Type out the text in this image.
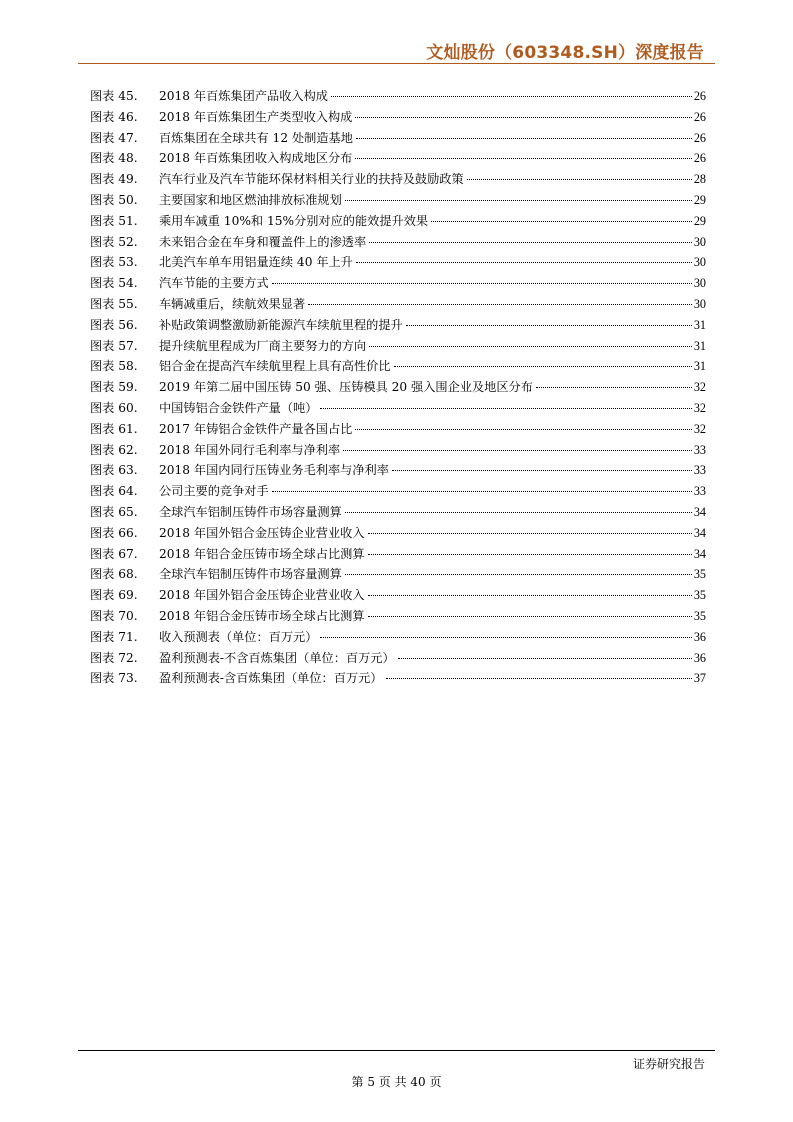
文灿股份（603348.SH）深度报告
图表 45.	2018 年百炼集团产品收入构成	26
图表 46.	2018 年百炼集团生产类型收入构成	26
图表 47.	百炼集团在全球共有 12 处制造基地	26
图表 48.	2018 年百炼集团收入构成地区分布	26
图表 49.	汽车行业及汽车节能环保材料相关行业的扶持及鼓励政策	28
图表 50.	主要国家和地区燃油排放标准规划	29
图表 51.	乘用车减重 10%和 15%分别对应的能效提升效果	29
图表 52.	未来铝合金在车身和覆盖件上的渗透率	30
图表 53.	北美汽车单车用铝量连续 40 年上升	30
图表 54.	汽车节能的主要方式	30
图表 55.	车辆减重后，续航效果显著	30
图表 56.	补贴政策调整激励新能源汽车续航里程的提升	31
图表 57.	提升续航里程成为厂商主要努力的方向	31
图表 58.	铝合金在提高汽车续航里程上具有高性价比	31
图表 59.	2019 年第二届中国压铸 50 强、压铸模具 20 强入围企业及地区分布	32
图表 60.	中国铸铝合金铁件产量（吨）	32
图表 61.	2017 年铸铝合金铁件产量各国占比	32
图表 62.	2018 年国外同行毛利率与净利率	33
图表 63.	2018 年国内同行压铸业务毛利率与净利率	33
图表 64.	公司主要的竞争对手	33
图表 65.	全球汽车铝制压铸件市场容量测算	34
图表 66.	2018 年国外铝合金压铸企业营业收入	34
图表 67.	2018 年铝合金压铸市场全球占比测算	34
图表 68.	全球汽车铝制压铸件市场容量测算	35
图表 69.	2018 年国外铝合金压铸企业营业收入	35
图表 70.	2018 年铝合金压铸市场全球占比测算	35
图表 71.	收入预测表（单位：百万元）	36
图表 72.	盈利预测表-不含百炼集团（单位：百万元）	36
图表 73.	盈利预测表-含百炼集团（单位：百万元）	37
证券研究报告
第 5 页 共 40 页
